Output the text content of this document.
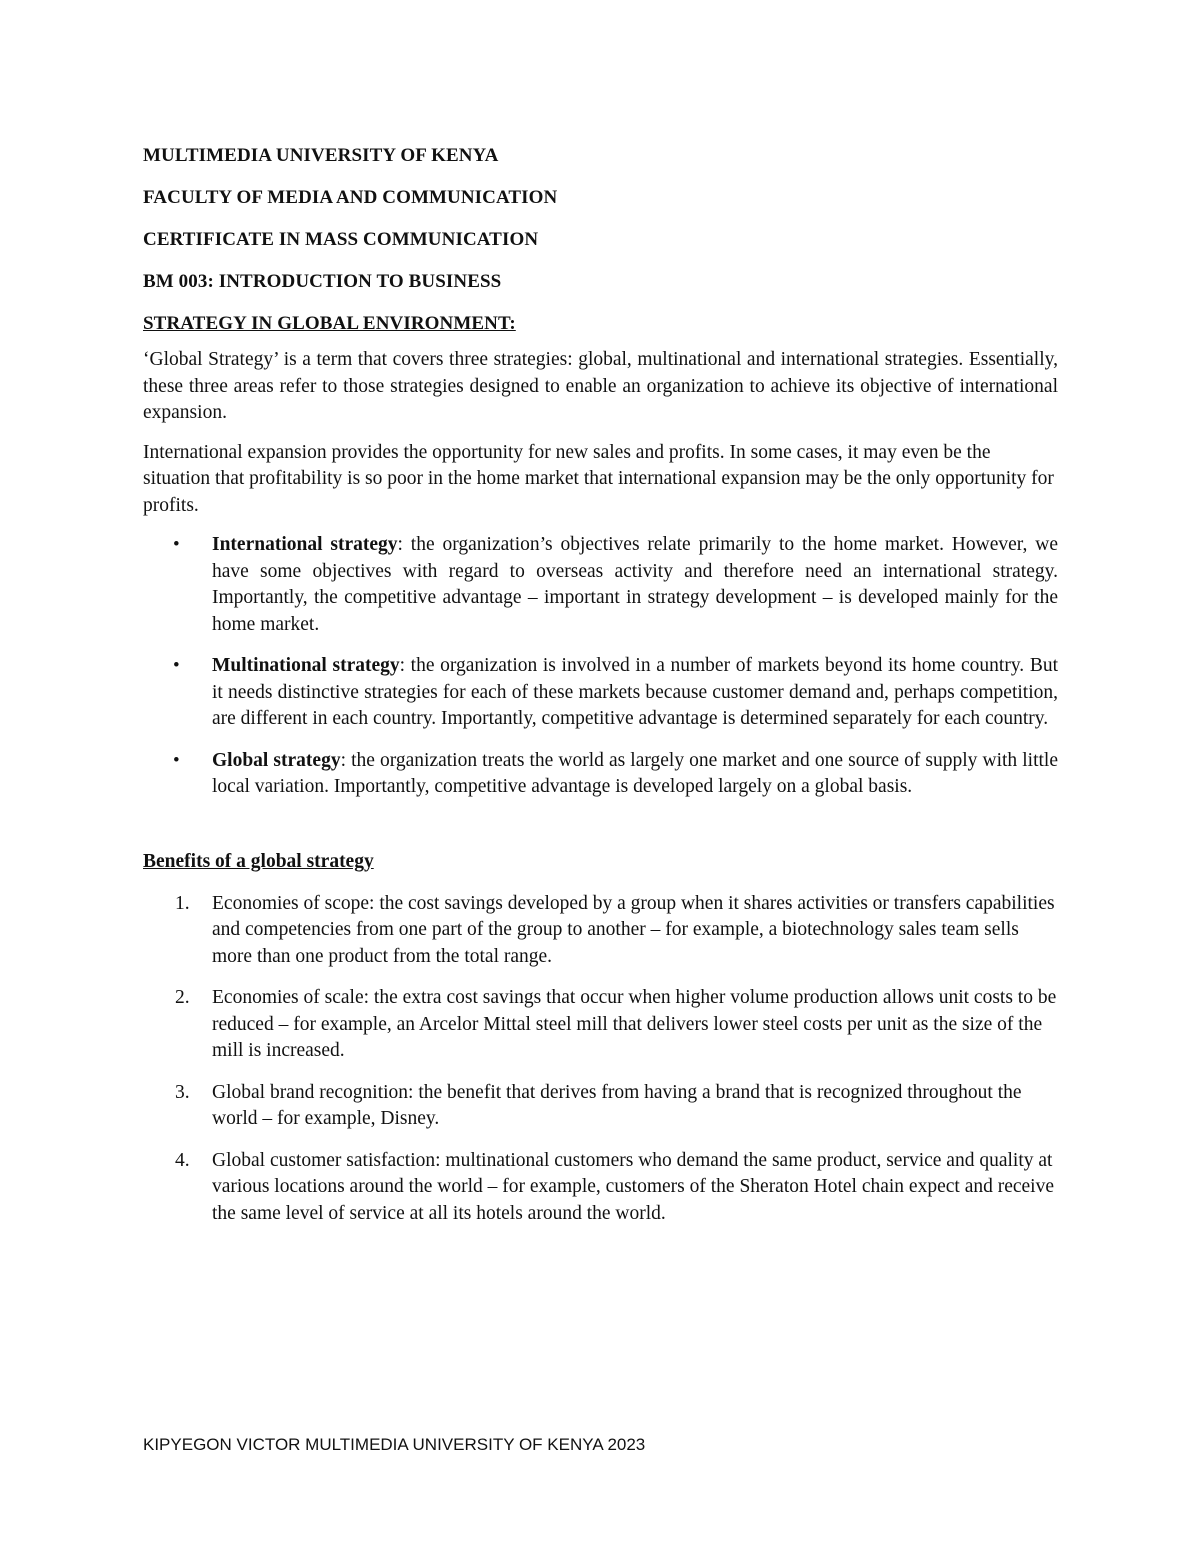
MULTIMEDIA UNIVERSITY OF KENYA
FACULTY OF MEDIA AND COMMUNICATION
CERTIFICATE IN MASS COMMUNICATION
BM 003: INTRODUCTION TO BUSINESS
STRATEGY IN GLOBAL ENVIRONMENT:

‘Global Strategy’ is a term that covers three strategies: global, multinational and international strategies. Essentially, these three areas refer to those strategies designed to enable an organization to achieve its objective of international expansion.

International expansion provides the opportunity for new sales and profits. In some cases, it may even be the situation that profitability is so poor in the home market that international expansion may be the only opportunity for profits.

• International strategy: the organization’s objectives relate primarily to the home market. However, we have some objectives with regard to overseas activity and therefore need an international strategy. Importantly, the competitive advantage – important in strategy development – is developed mainly for the home market.
• Multinational strategy: the organization is involved in a number of markets beyond its home country. But it needs distinctive strategies for each of these markets because customer demand and, perhaps competition, are different in each country. Importantly, competitive advantage is determined separately for each country.
• Global strategy: the organization treats the world as largely one market and one source of supply with little local variation. Importantly, competitive advantage is developed largely on a global basis.
Benefits of a global strategy
1. Economies of scope: the cost savings developed by a group when it shares activities or transfers capabilities and competencies from one part of the group to another – for example, a biotechnology sales team sells more than one product from the total range.
2. Economies of scale: the extra cost savings that occur when higher volume production allows unit costs to be reduced – for example, an Arcelor Mittal steel mill that delivers lower steel costs per unit as the size of the mill is increased.
3. Global brand recognition: the benefit that derives from having a brand that is recognized throughout the world – for example, Disney.
4. Global customer satisfaction: multinational customers who demand the same product, service and quality at various locations around the world – for example, customers of the Sheraton Hotel chain expect and receive the same level of service at all its hotels around the world.
KIPYEGON VICTOR MULTIMEDIA UNIVERSITY OF KENYA 2023
